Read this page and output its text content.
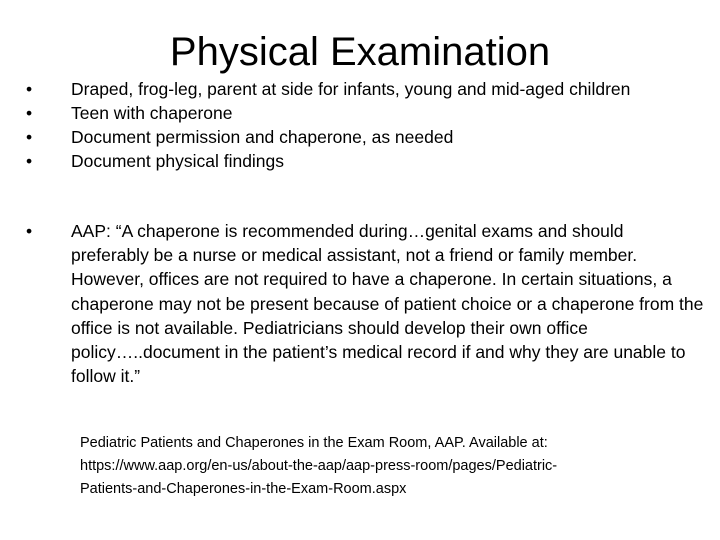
Physical Examination
•	Draped, frog-leg, parent at side for infants, young and mid-aged children
•	Teen with chaperone
•	Document permission and chaperone, as needed
•	Document physical findings
•	AAP: “A chaperone is recommended during…genital exams and should preferably be a nurse or medical assistant, not a friend or family member. However, offices are not required to have a chaperone. In certain situations, a chaperone may not be present because of patient choice or a chaperone from the office is not available. Pediatricians should develop their own office policy…..document in the patient’s medical record if and why they are unable to follow it.”
Pediatric Patients and Chaperones in the Exam Room, AAP. Available at:
https://www.aap.org/en-us/about-the-aap/aap-press-room/pages/Pediatric-
Patients-and-Chaperones-in-the-Exam-Room.aspx
